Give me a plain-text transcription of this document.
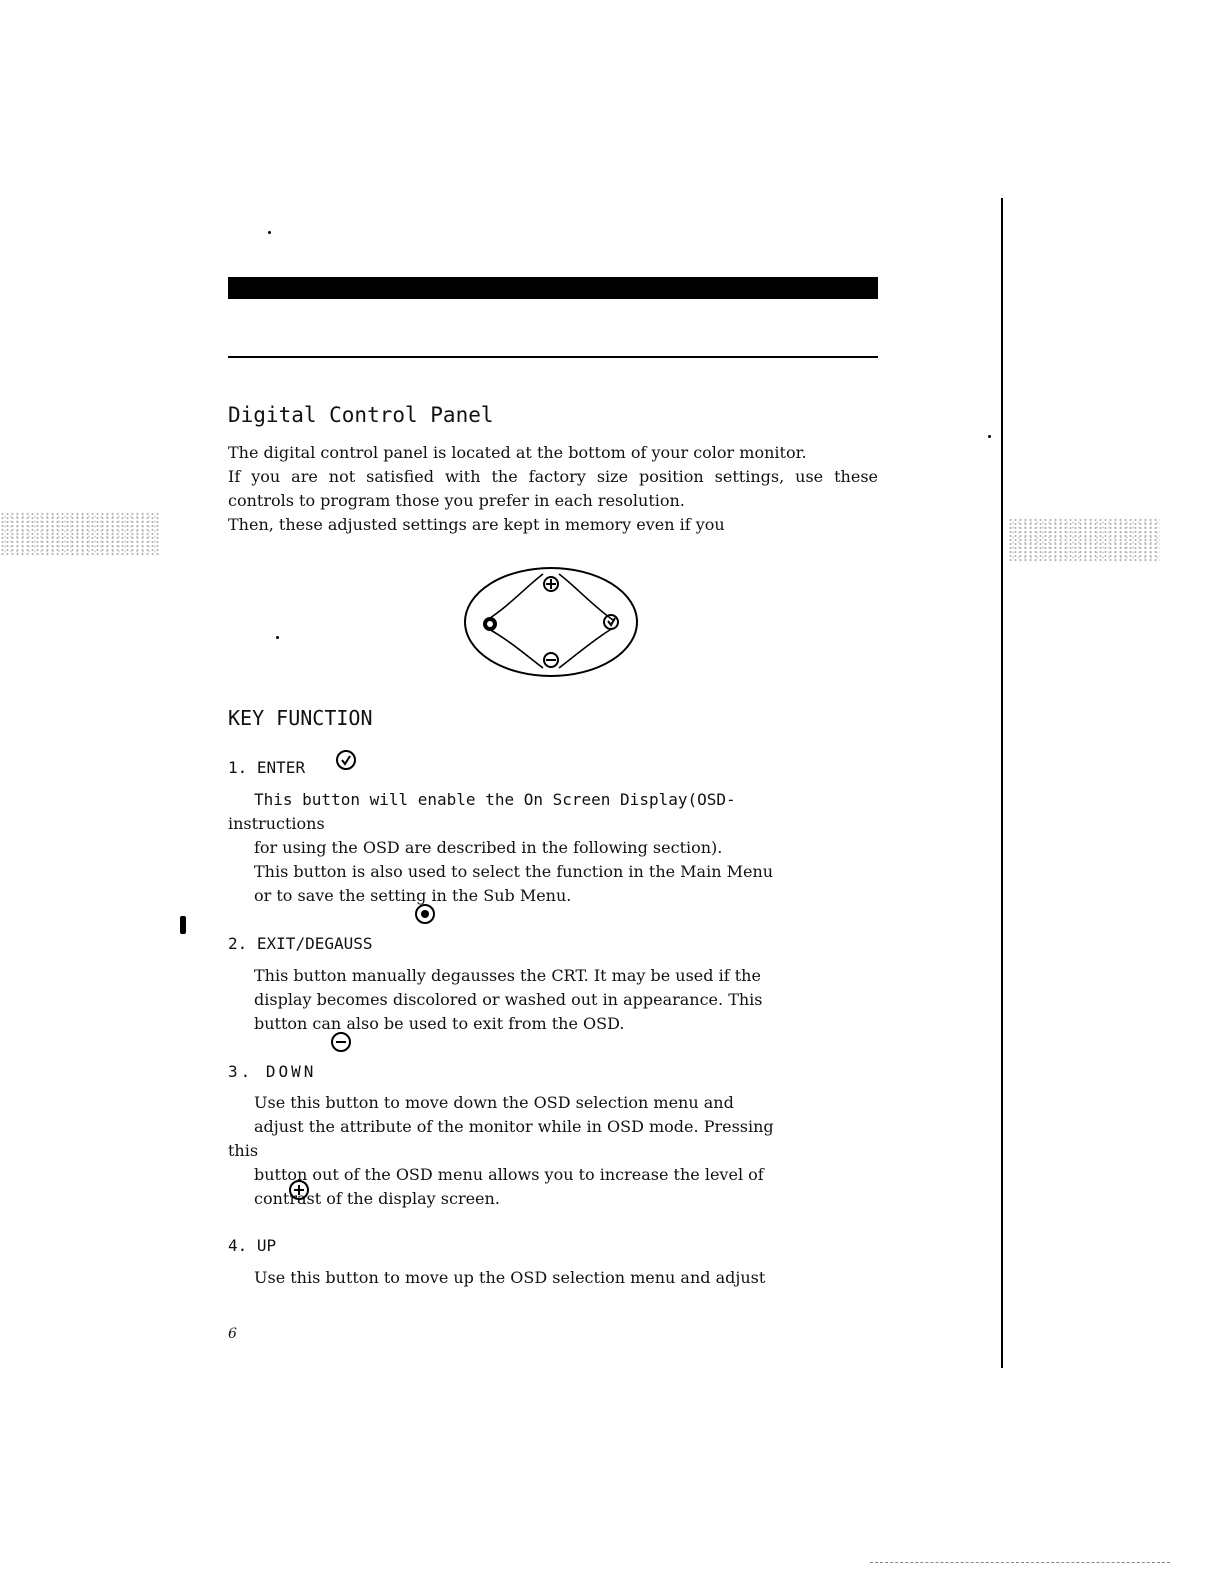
Digital Control Panel

The digital control panel is located at the bottom of your color monitor.

If you are not satisfied with the factory size position settings, use these controls to program those you prefer in each resolution.

Then, these adjusted settings are kept in memory even if you

KEY FUNCTION
1. ENTER

This button will enable the On Screen Display(OSD-

instructions

for using the OSD are described in the following section).

This button is also used to select the function in the Main Menu

or to save the setting in the Sub Menu.

2. EXIT/DEGAUSS

This button manually degausses the CRT. It may be used if the

display becomes discolored or washed out in appearance. This

button can also be used to exit from the OSD.

3. DOWN

Use this button to move down the OSD selection menu and

adjust the attribute of the monitor while in OSD mode. Pressing

this

button out of the OSD menu allows you to increase the level of

contrast of the display screen.

4. UP

Use this button to move up the OSD selection menu and adjust

6
